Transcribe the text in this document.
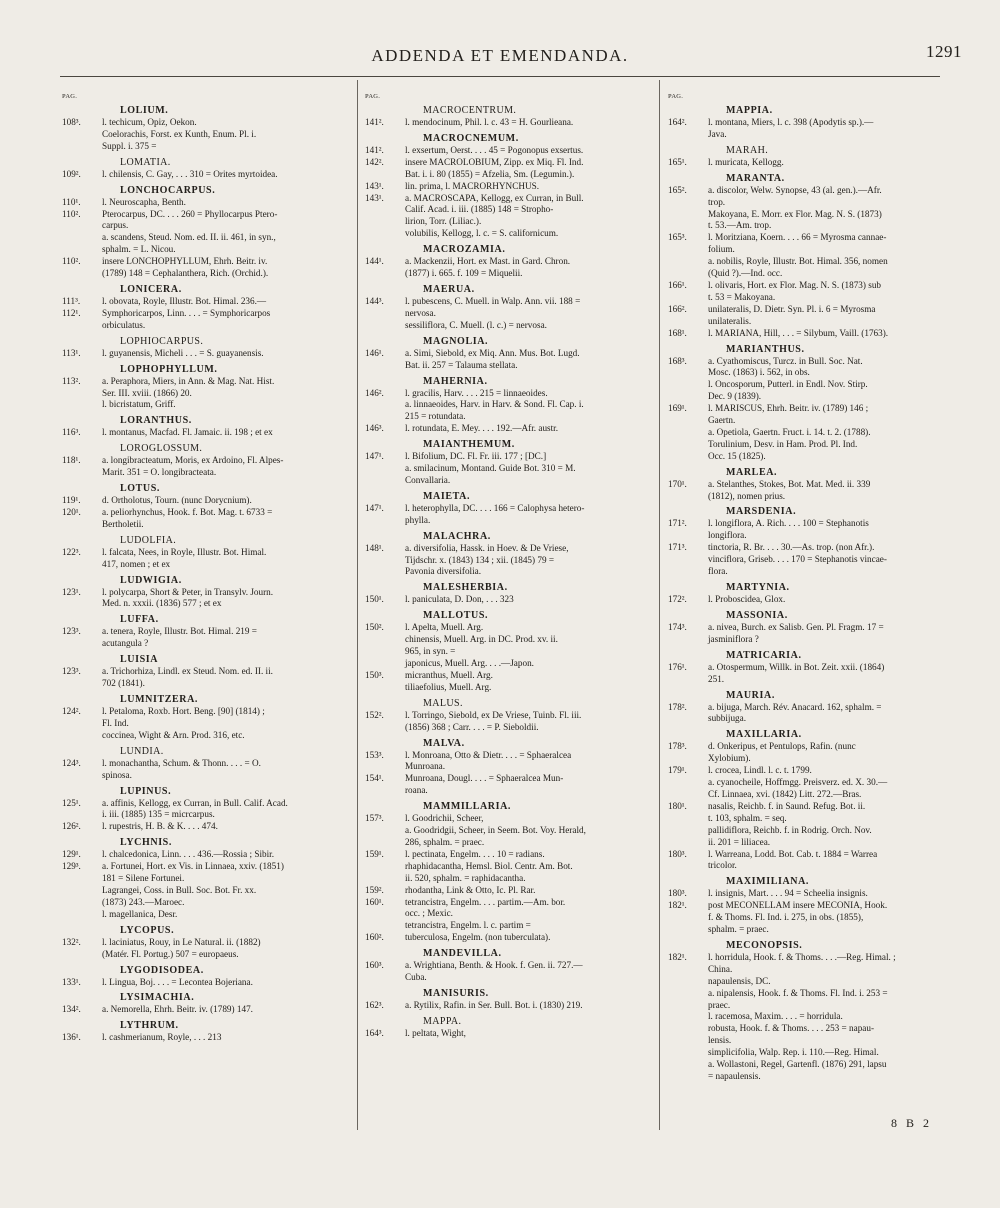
ADDENDA ET EMENDANDA.	1291
PAG.
LOLIUM.
108³.	l. techicum, Opiz, Oekon.
Coelorachis, Forst. ex Kunth, Enum. Pl. i.
Suppl. i. 375 =
LOMATIA.
109².	l. chilensis, C. Gay, . . . 310 = Orites myrtoidea.
LONCHOCARPUS.
110¹.	l. Neuroscapha, Benth.
110².	Pterocarpus, DC. . . . 260 = Phyllocarpus Ptero-
carpus.
a. scandens, Steud. Nom. ed. II. ii. 461, in syn.,
sphalm. = L. Nicou.
110².	insere LONCHOPHYLLUM, Ehrh. Beitr. iv.
(1789) 148 = Cephalanthera, Rich. (Orchid.).
LONICERA.
111³.	l. obovata, Royle, Illustr. Bot. Himal. 236.—
112¹.	Symphoricarpos, Linn. . . . = Symphoricarpos
orbiculatus.
LOPHIOCARPUS.
113¹.	l. guyanensis, Micheli . . . = S. guayanensis.
LOPHOPHYLLUM.
113².	a. Peraphora, Miers, in Ann. & Mag. Nat. Hist.
Ser. III. xviii. (1866) 20.
l. bicristatum, Griff.
LORANTHUS.
116³.	l. montanus, Macfad. Fl. Jamaic. ii. 198 ; et ex
LOROGLOSSUM.
118¹.	a. longibracteatum, Moris, ex Ardoino, Fl. Alpes-
Marit. 351 = O. longibracteata.
LOTUS.
119¹.	d. Ortholotus, Tourn. (nunc Dorycnium).
120¹.	a. peliorhynchus, Hook. f. Bot. Mag. t. 6733 =
Bertholetii.
LUDOLFIA.
122³.	l. falcata, Nees, in Royle, Illustr. Bot. Himal.
417, nomen ; et ex
LUDWIGIA.
123¹.	l. polycarpa, Short & Peter, in Transylv. Journ.
Med. n. xxxii. (1836) 577 ; et ex
LUFFA.
123³.	a. tenera, Royle, Illustr. Bot. Himal. 219 =
acutangula ?
LUISIA
123³.	a. Trichorhiza, Lindl. ex Steud. Nom. ed. II. ii.
702 (1841).
LUMNITZERA.
124².	l. Petaloma, Roxb. Hort. Beng. [90] (1814) ;
Fl. Ind.
coccinea, Wight & Arn. Prod. 316, etc.
LUNDIA.
124³.	l. monachantha, Schum. & Thonn. . . . = O.
spinosa.
LUPINUS.
125¹.	a. affinis, Kellogg, ex Curran, in Bull. Calif. Acad.
i. iii. (1885) 135 = micrcarpus.
126².	l. rupestris, H. B. & K. . . . 474.
LYCHNIS.
129¹.	l. chalcedonica, Linn. . . . 436.—Rossia ; Sibir.
129³.	a. Fortunei, Hort. ex Vis. in Linnaea, xxiv. (1851)
181 = Silene Fortunei.
Lagrangei, Coss. in Bull. Soc. Bot. Fr. xx.
(1873) 243.—Maroec.
l. magellanica, Desr.
LYCOPUS.
132².	l. laciniatus, Rouy, in Le Natural. ii. (1882)
(Matér. Fl. Portug.) 507 = europaeus.
LYGODISODEA.
133¹.	l. Lingua, Boj. . . . = Lecontea Bojeriana.
LYSIMACHIA.
134².	a. Nemorella, Ehrh. Beitr. iv. (1789) 147.
LYTHRUM.
136¹.	l. cashmerianum, Royle, . . . 213
PAG.
MACROCENTRUM.
141².	l. mendocinum, Phil. l. c. 43 = H. Gourlieana.
MACROCNEMUM.
141².	l. exsertum, Oerst. . . . 45 = Pogonopus exsertus.
142².	insere MACROLOBIUM, Zipp. ex Miq. Fl. Ind.
Bat. i. i. 80 (1855) = Afzelia, Sm. (Legumin.).
143¹.	lin. prima, l. MACRORHYNCHUS.
143¹.	a. MACROSCAPA, Kellogg, ex Curran, in Bull.
Calif. Acad. i. iii. (1885) 148 = Stropho-
lirion, Torr. (Liliac.).
volubilis, Kellogg, l. c. = S. californicum.
MACROZAMIA.
144¹.	a. Mackenzii, Hort. ex Mast. in Gard. Chron.
(1877) i. 665. f. 109 = Miquelii.
MAERUA.
144³.	l. pubescens, C. Muell. in Walp. Ann. vii. 188 =
nervosa.
sessiliflora, C. Muell. (l. c.) = nervosa.
MAGNOLIA.
146¹.	a. Simi, Siebold, ex Miq. Ann. Mus. Bot. Lugd.
Bat. ii. 257 = Talauma stellata.
MAHERNIA.
146².	l. gracilis, Harv. . . . 215 = linnaeoides.
a. linnaeoides, Harv. in Harv. & Sond. Fl. Cap. i.
215 = rotundata.
146³.	l. rotundata, E. Mey. . . . 192.—Afr. austr.
MAIANTHEMUM.
147¹.	l. Bifolium, DC. Fl. Fr. iii. 177 ; [DC.]
a. smilacinum, Montand. Guide Bot. 310 = M.
Convallaria.
MAIETA.
147¹.	l. heterophylla, DC. . . . 166 = Calophysa hetero-
phylla.
MALACHRA.
148¹.	a. diversifolia, Hassk. in Hoev. & De Vriese,
Tijdschr. x. (1843) 134 ; xii. (1845) 79 =
Pavonia diversifolia.
MALESHERBIA.
150¹.	l. paniculata, D. Don, . . . 323
MALLOTUS.
150².	l. Apelta, Muell. Arg.
chinensis, Muell. Arg. in DC. Prod. xv. ii.
965, in syn. =
japonicus, Muell. Arg. . . .—Japon.
150³.	micranthus, Muell. Arg.
tiliaefolius, Muell. Arg.
MALUS.
152².	l. Torringo, Siebold, ex De Vriese, Tuinb. Fl. iii.
(1856) 368 ; Carr. . . . = P. Sieboldii.
MALVA.
153³.	l. Monroana, Otto & Dietr. . . . = Sphaeralcea
Munroana.
154¹.	Munroana, Dougl. . . . = Sphaeralcea Mun-
roana.
MAMMILLARIA.
157³.	l. Goodrichii, Scheer,
a. Goodridgii, Scheer, in Seem. Bot. Voy. Herald,
286, sphalm. = praec.
159¹.	l. pectinata, Engelm. . . . 10 = radians.
rhaphidacantha, Hemsl. Biol. Centr. Am. Bot.
ii. 520, sphalm. = raphidacantha.
159².	rhodantha, Link & Otto, Ic. Pl. Rar.
160¹.	tetrancistra, Engelm. . . . partim.—Am. bor.
occ. ; Mexic.
tetrancistra, Engelm. l. c. partim =
160².	tuberculosa, Engelm. (non tuberculata).
MANDEVILLA.
160³.	a. Wrightiana, Benth. & Hook. f. Gen. ii. 727.—
Cuba.
MANISURIS.
162³.	a. Rytilix, Rafin. in Ser. Bull. Bot. i. (1830) 219.
MAPPA.
164³.	l. peltata, Wight,
PAG.
MAPPIA.
164².	l. montana, Miers, l. c. 398 (Apodytis sp.).—
Java.
MARAH.
165¹.	l. muricata, Kellogg.
MARANTA.
165².	a. discolor, Welw. Synopse, 43 (al. gen.).—Afr.
trop.
Makoyana, E. Morr. ex Flor. Mag. N. S. (1873)
t. 53.—Am. trop.
165³.	l. Moritziana, Koern. . . . 66 = Myrosma cannae-
folium.
a. nobilis, Royle, Illustr. Bot. Himal. 356, nomen
(Quid ?).—Ind. occ.
166¹.	l. olivaris, Hort. ex Flor. Mag. N. S. (1873) sub
t. 53 = Makoyana.
166².	unilateralis, D. Dietr. Syn. Pl. i. 6 = Myrosma
unilateralis.
168¹.	l. MARIANA, Hill, . . . = Silybum, Vaill. (1763).
MARIANTHUS.
168³.	a. Cyathomiscus, Turcz. in Bull. Soc. Nat.
Mosc. (1863) i. 562, in obs.
l. Oncosporum, Putterl. in Endl. Nov. Stirp.
Dec. 9 (1839).
169¹.	l. MARISCUS, Ehrh. Beitr. iv. (1789) 146 ;
Gaertn.
a. Opetiola, Gaertn. Fruct. i. 14. t. 2. (1788).
Torulinium, Desv. in Ham. Prod. Pl. Ind.
Occ. 15 (1825).
MARLEA.
170¹.	a. Stelanthes, Stokes, Bot. Mat. Med. ii. 339
(1812), nomen prius.
MARSDENIA.
171².	l. longiflora, A. Rich. . . . 100 = Stephanotis
longiflora.
171³.	tinctoria, R. Br. . . . 30.—As. trop. (non Afr.).
vinciflora, Griseb. . . . 170 = Stephanotis vincae-
flora.
MARTYNIA.
172².	l. Proboscidea, Glox.
MASSONIA.
174³.	a. nivea, Burch. ex Salisb. Gen. Pl. Fragm. 17 =
jasminiflora ?
MATRICARIA.
176¹.	a. Otospermum, Willk. in Bot. Zeit. xxii. (1864)
251.
MAURIA.
178².	a. bijuga, March. Rév. Anacard. 162, sphalm. =
subbijuga.
MAXILLARIA.
178³.	d. Onkeripus, et Pentulops, Rafin. (nunc
Xylobium).
179¹.	l. crocea, Lindl. l. c. t. 1799.
a. cyanocheile, Hoffmgg. Preisverz. ed. X. 30.—
Cf. Linnaea, xvi. (1842) Litt. 272.—Bras.
180¹.	nasalis, Reichb. f. in Saund. Refug. Bot. ii.
t. 103, sphalm. = seq.
pallidiflora, Reichb. f. in Rodrig. Orch. Nov.
ii. 201 = liliacea.
180³.	l. Warreana, Lodd. Bot. Cab. t. 1884 = Warrea
tricolor.
MAXIMILIANA.
180³.	l. insignis, Mart. . . . 94 = Scheelia insignis.
182¹.	post MECONELLAM insere MECONIA, Hook.
f. & Thoms. Fl. Ind. i. 275, in obs. (1855),
sphalm. = praec.
MECONOPSIS.
182¹.	l. horridula, Hook. f. & Thoms. . . .—Reg. Himal. ;
China.
napaulensis, DC.
a. nipalensis, Hook. f. & Thoms. Fl. Ind. i. 253 =
praec.
l. racemosa, Maxim. . . . = horridula.
robusta, Hook. f. & Thoms. . . . 253 = napau-
lensis.
simplicifolia, Walp. Rep. i. 110.—Reg. Himal.
a. Wollastoni, Regel, Gartenfl. (1876) 291, lapsu
= napaulensis.
8 B 2
